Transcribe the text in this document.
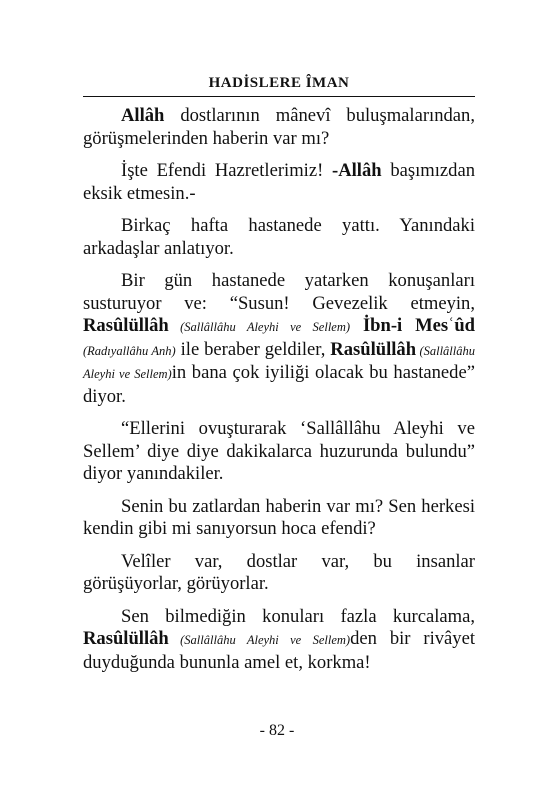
HADİSLERE ÎMAN

Allâh dostlarının mânevî buluşmalarından, görüşmelerinden haberin var mı?

İşte Efendi Hazretlerimiz! -Allâh başımızdan eksik etmesin.-

Birkaç hafta hastanede yattı. Yanındaki arkadaşlar anlatıyor.

Bir gün hastanede yatarken konuşanları susturuyor ve: “Susun! Gevezelik etmeyin, Rasûlüllâh (Sallâllâhu Aleyhi ve Sellem) İbn-i Mesʿûd (Radıyallâhu Anh) ile beraber geldiler, Rasûlüllâh (Sallâllâhu Aleyhi ve Sellem)in bana çok iyiliği olacak bu hastanede” diyor.

“Ellerini ovuşturarak ‘Sallâllâhu Aleyhi ve Sellem’ diye diye dakikalarca huzurunda bulundu” diyor yanındakiler.

Senin bu zatlardan haberin var mı? Sen herkesi kendin gibi mi sanıyorsun hoca efendi?

Velîler var, dostlar var, bu insanlar görüşüyorlar, görüyorlar.

Sen bilmediğin konuları fazla kurcalama, Rasûlüllâh (Sallâllâhu Aleyhi ve Sellem)den bir rivâyet duyduğunda bununla amel et, korkma!

- 82 -
